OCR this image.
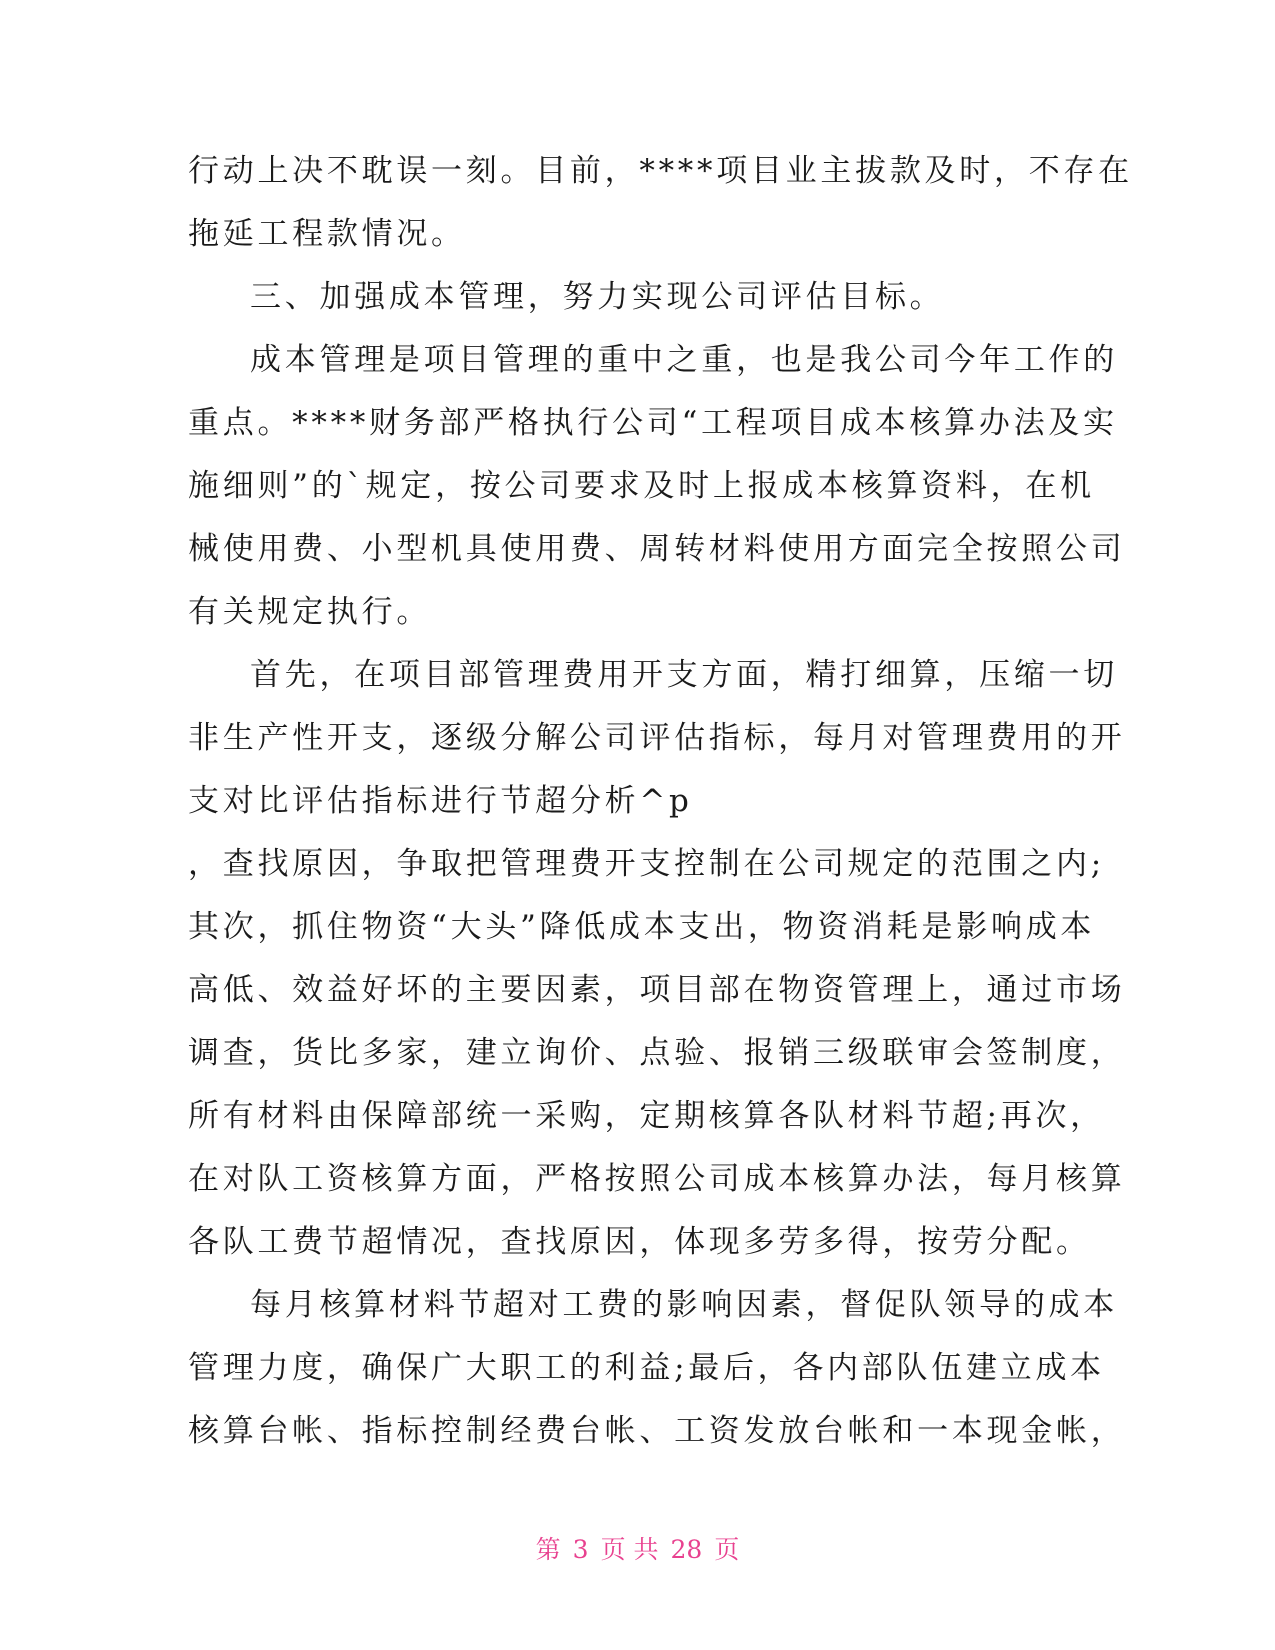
行动上决不耽误一刻。目前，****项目业主拔款及时，不存在
拖延工程款情况。
三、加强成本管理，努力实现公司评估目标。
成本管理是项目管理的重中之重，也是我公司今年工作的
重点。****财务部严格执行公司“工程项目成本核算办法及实
施细则”的`规定，按公司要求及时上报成本核算资料，在机
械使用费、小型机具使用费、周转材料使用方面完全按照公司
有关规定执行。
首先，在项目部管理费用开支方面，精打细算，压缩一切
非生产性开支，逐级分解公司评估指标，每月对管理费用的开
支对比评估指标进行节超分析^p
，查找原因，争取把管理费开支控制在公司规定的范围之内;
其次，抓住物资“大头”降低成本支出，物资消耗是影响成本
高低、效益好坏的主要因素，项目部在物资管理上，通过市场
调查，货比多家，建立询价、点验、报销三级联审会签制度，
所有材料由保障部统一采购，定期核算各队材料节超;再次，
在对队工资核算方面，严格按照公司成本核算办法，每月核算
各队工费节超情况，查找原因，体现多劳多得，按劳分配。
每月核算材料节超对工费的影响因素，督促队领导的成本
管理力度，确保广大职工的利益;最后，各内部队伍建立成本
核算台帐、指标控制经费台帐、工资发放台帐和一本现金帐，
第 3 页 共 28 页
